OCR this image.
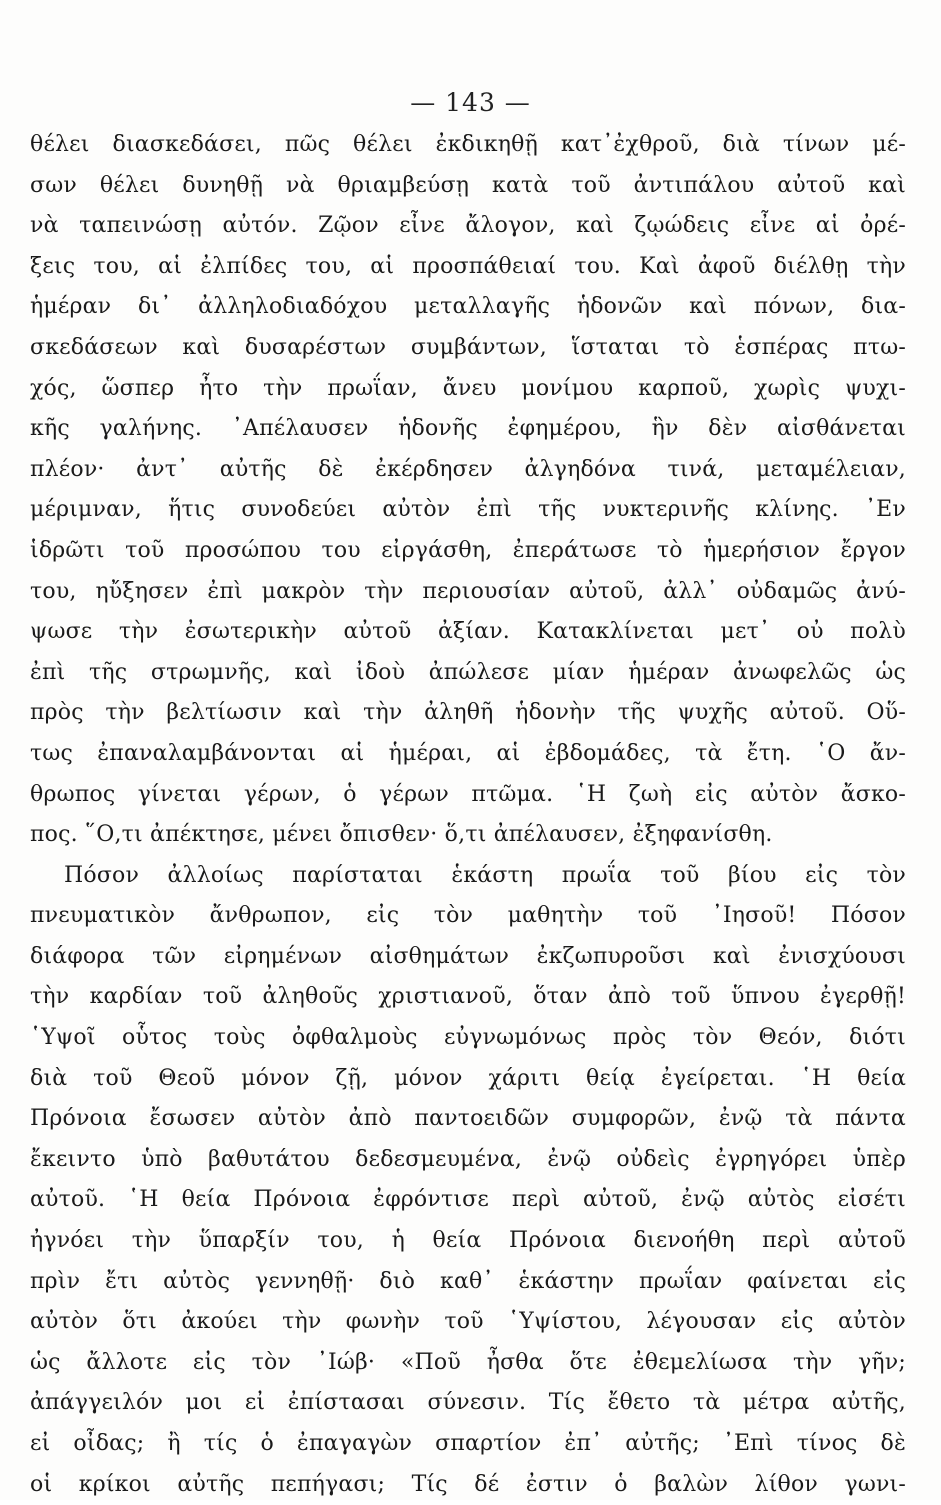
— 143 —
θέλει διασκεδάσει, πῶς θέλει ἐκδικηθῇ κατ᾽ἐχθροῦ, διὰ τίνων μέ-
σων θέλει δυνηθῇ νὰ θριαμβεύσῃ κατὰ τοῦ ἀντιπάλου αὐτοῦ καὶ
νὰ ταπεινώσῃ αὐτόν. Ζῷον εἶνε ἄλογον, καὶ ζῳώδεις εἶνε αἱ ὀρέ-
ξεις του, αἱ ἐλπίδες του, αἱ προσπάθειαί του. Καὶ ἀφοῦ διέλθῃ τὴν
ἡμέραν δι᾽ ἀλληλοδιαδόχου μεταλλαγῆς ἡδονῶν καὶ πόνων, δια-
σκεδάσεων καὶ δυσαρέστων συμβάντων, ἵσταται τὸ ἑσπέρας πτω-
χός, ὥσπερ ἦτο τὴν πρωΐαν, ἄνευ μονίμου καρποῦ, χωρὶς ψυχι-
κῆς γαλήνης. ᾿Απέλαυσεν ἡδονῆς ἐφημέρου, ἣν δὲν αἰσθάνεται
πλέον· ἀντ᾽ αὐτῆς δὲ ἐκέρδησεν ἀλγηδόνα τινά, μεταμέλειαν,
μέριμναν, ἥτις συνοδεύει αὐτὸν ἐπὶ τῆς νυκτερινῆς κλίνης. ᾿Εν
ἱδρῶτι τοῦ προσώπου του εἰργάσθη, ἐπεράτωσε τὸ ἡμερήσιον ἔργον
του, ηὔξησεν ἐπὶ μακρὸν τὴν περιουσίαν αὐτοῦ, ἀλλ᾽ οὐδαμῶς ἀνύ-
ψωσε τὴν ἐσωτερικὴν αὐτοῦ ἀξίαν. Κατακλίνεται μετ᾽ οὐ πολὺ
ἐπὶ τῆς στρωμνῆς, καὶ ἰδοὺ ἀπώλεσε μίαν ἡμέραν ἀνωφελῶς ὡς
πρὸς τὴν βελτίωσιν καὶ τὴν ἀληθῆ ἡδονὴν τῆς ψυχῆς αὐτοῦ. Οὕ-
τως ἐπαναλαμβάνονται αἱ ἡμέραι, αἱ ἑβδομάδες, τὰ ἔτη. ῾Ο ἄν-
θρωπος γίνεται γέρων, ὁ γέρων πτῶμα. ῾Η ζωὴ εἰς αὐτὸν ἄσκο-
πος. ῞Ο,τι ἀπέκτησε, μένει ὄπισθεν· ὅ,τι ἀπέλαυσεν, ἐξηφανίσθη.
Πόσον ἀλλοίως παρίσταται ἑκάστη πρωΐα τοῦ βίου εἰς τὸν
πνευματικὸν ἄνθρωπον, εἰς τὸν μαθητὴν τοῦ ᾿Ιησοῦ! Πόσον
διάφορα τῶν εἰρημένων αἰσθημάτων ἐκζωπυροῦσι καὶ ἐνισχύουσι
τὴν καρδίαν τοῦ ἀληθοῦς χριστιανοῦ, ὅταν ἀπὸ τοῦ ὕπνου ἐγερθῇ!
῾Υψοῖ οὗτος τοὺς ὀφθαλμοὺς εὐγνωμόνως πρὸς τὸν Θεόν, διότι
διὰ τοῦ Θεοῦ μόνον ζῇ, μόνον χάριτι θείᾳ ἐγείρεται. ῾Η θεία
Πρόνοια ἔσωσεν αὐτὸν ἀπὸ παντοειδῶν συμφορῶν, ἐνῷ τὰ πάντα
ἔκειντο ὑπὸ βαθυτάτου δεδεσμευμένα, ἐνῷ οὐδεὶς ἐγρηγόρει ὑπὲρ
αὐτοῦ. ῾Η θεία Πρόνοια ἐφρόντισε περὶ αὐτοῦ, ἐνῷ αὐτὸς εἰσέτι
ἠγνόει τὴν ὕπαρξίν του, ἡ θεία Πρόνοια διενοήθη περὶ αὐτοῦ
πρὶν ἔτι αὐτὸς γεννηθῇ· διὸ καθ᾽ ἑκάστην πρωΐαν φαίνεται εἰς
αὐτὸν ὅτι ἀκούει τὴν φωνὴν τοῦ ῾Υψίστου, λέγουσαν εἰς αὐτὸν
ὡς ἄλλοτε εἰς τὸν ᾿Ιώβ· «Ποῦ ἦσθα ὅτε ἐθεμελίωσα τὴν γῆν;
ἀπάγγειλόν μοι εἰ ἐπίστασαι σύνεσιν. Τίς ἔθετο τὰ μέτρα αὐτῆς,
εἰ οἶδας; ἢ τίς ὁ ἐπαγαγὼν σπαρτίον ἐπ᾽ αὐτῆς; ᾿Επὶ τίνος δὲ
οἱ κρίκοι αὐτῆς πεπήγασι; Τίς δέ ἐστιν ὁ βαλὼν λίθον γωνι-
